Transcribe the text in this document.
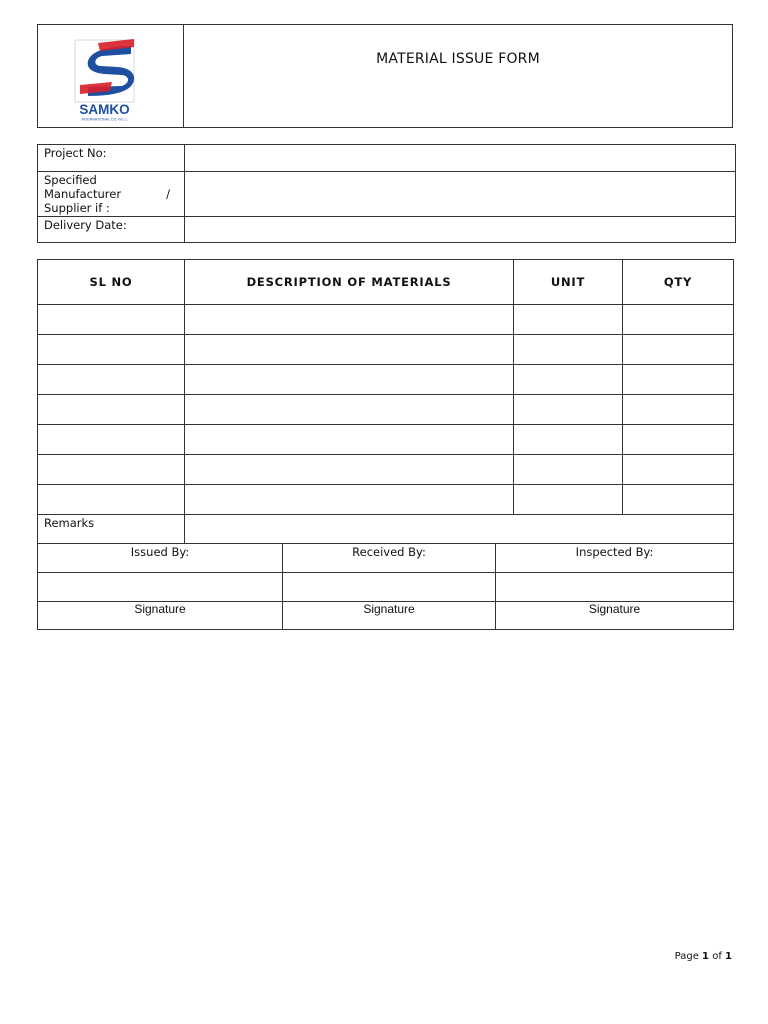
SAMKO
INTERNATIONAL CO. W.L.L
	MATERIAL ISSUE FORM
Project No:	

Specified
Manufacturer /
Supplier if :	

Delivery Date:	
SL NO	DESCRIPTION OF MATERIALS	UNIT	QTY

Remarks			
Issued By:	Received By:	Inspected By:

Signature	Signature	Signature
Page 1 of 1
